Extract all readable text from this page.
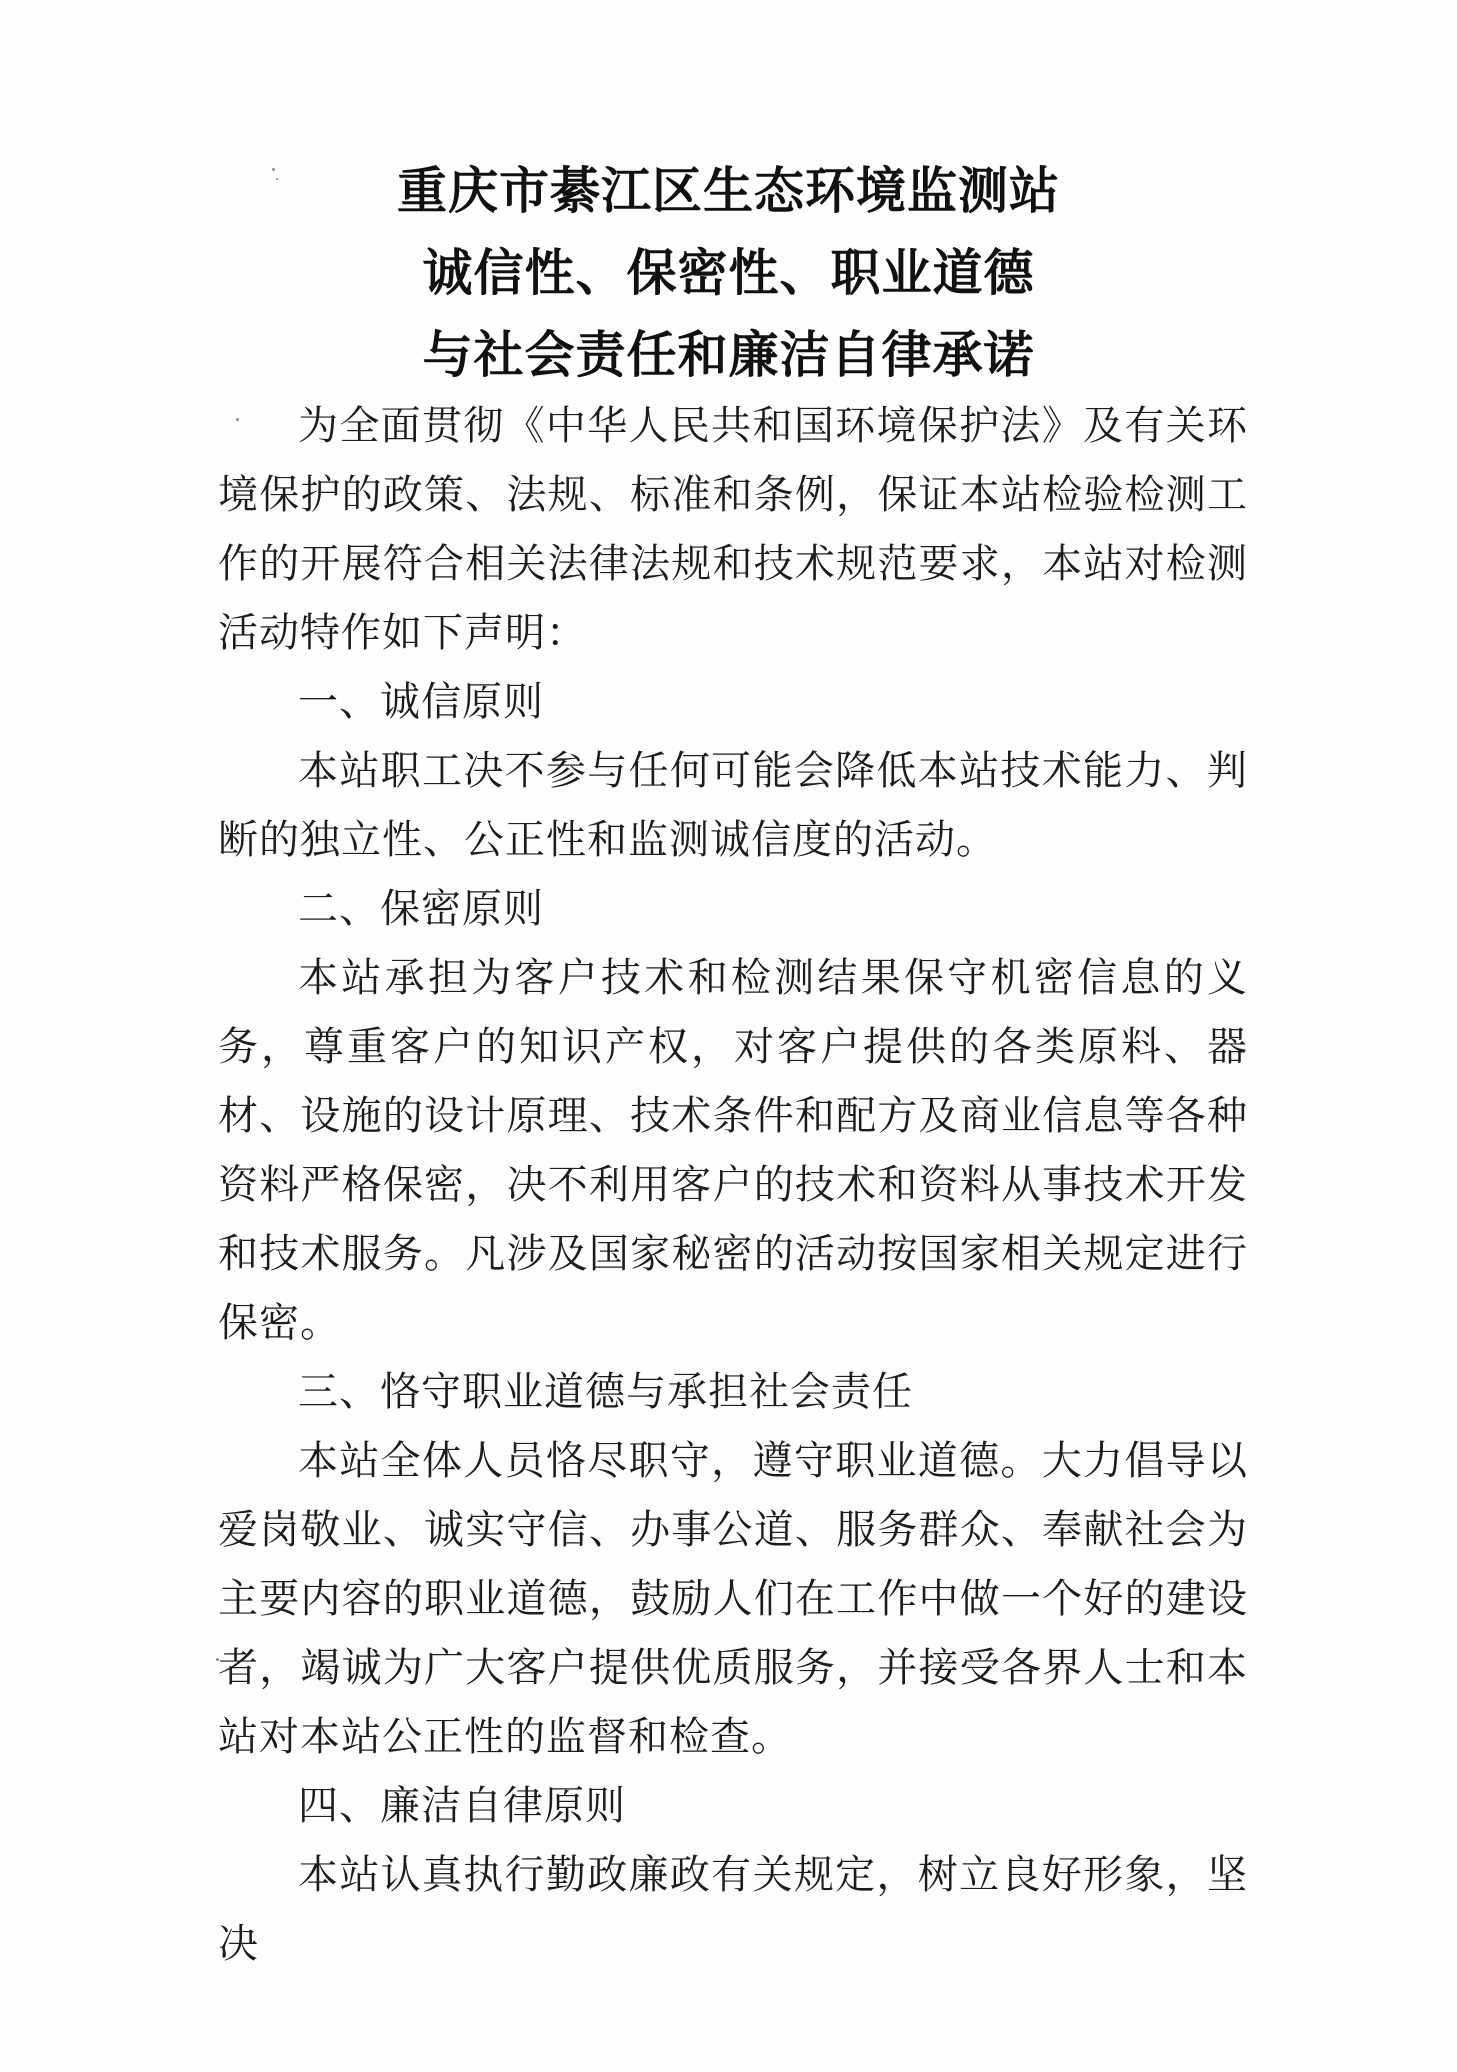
重庆市綦江区生态环境监测站
诚信性、保密性、职业道德
与社会责任和廉洁自律承诺

为全面贯彻《中华人民共和国环境保护法》及有关环境保护的政策、法规、标准和条例，保证本站检验检测工作的开展符合相关法律法规和技术规范要求，本站对检测活动特作如下声明：

一、诚信原则

本站职工决不参与任何可能会降低本站技术能力、判断的独立性、公正性和监测诚信度的活动。

二、保密原则

本站承担为客户技术和检测结果保守机密信息的义务，尊重客户的知识产权，对客户提供的各类原料、器材、设施的设计原理、技术条件和配方及商业信息等各种资料严格保密，决不利用客户的技术和资料从事技术开发和技术服务。凡涉及国家秘密的活动按国家相关规定进行保密。

三、恪守职业道德与承担社会责任

本站全体人员恪尽职守，遵守职业道德。大力倡导以爱岗敬业、诚实守信、办事公道、服务群众、奉献社会为主要内容的职业道德，鼓励人们在工作中做一个好的建设者，竭诚为广大客户提供优质服务，并接受各界人士和本站对本站公正性的监督和检查。

四、廉洁自律原则

本站认真执行勤政廉政有关规定，树立良好形象，坚决
